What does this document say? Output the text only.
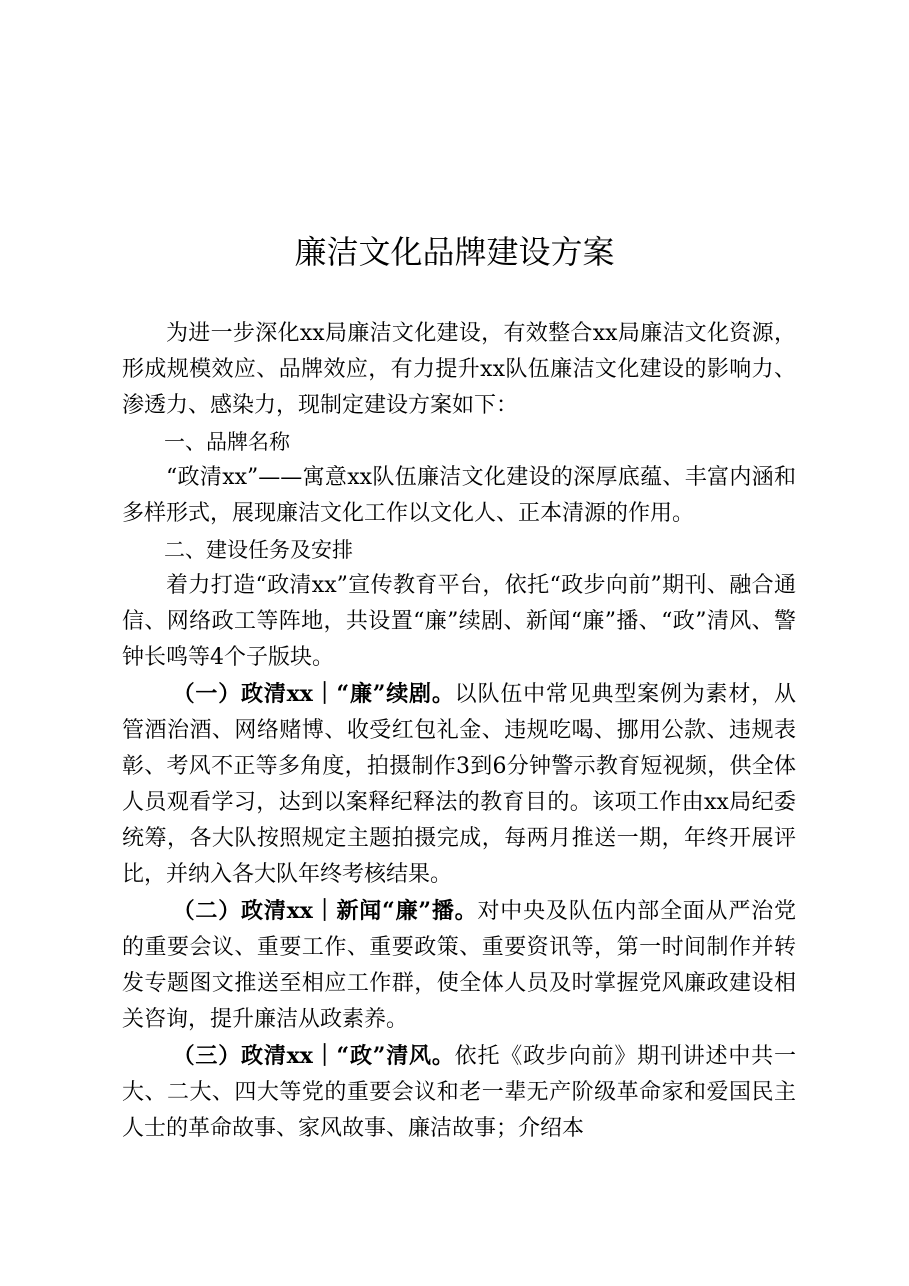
廉洁文化品牌建设方案

为进一步深化xx局廉洁文化建设，有效整合xx局廉洁文化资源，形成规模效应、品牌效应，有力提升xx队伍廉洁文化建设的影响力、渗透力、感染力，现制定建设方案如下：

一、品牌名称

“政清xx”——寓意xx队伍廉洁文化建设的深厚底蕴、丰富内涵和多样形式，展现廉洁文化工作以文化人、正本清源的作用。

二、建设任务及安排

着力打造“政清xx”宣传教育平台，依托“政步向前”期刊、融合通信、网络政工等阵地，共设置“廉”续剧、新闻“廉”播、“政”清风、警钟长鸣等4个子版块。

（一）政清xx｜“廉”续剧。以队伍中常见典型案例为素材，从管酒治酒、网络赌博、收受红包礼金、违规吃喝、挪用公款、违规表彰、考风不正等多角度，拍摄制作3到6分钟警示教育短视频，供全体人员观看学习，达到以案释纪释法的教育目的。该项工作由xx局纪委统筹，各大队按照规定主题拍摄完成，每两月推送一期，年终开展评比，并纳入各大队年终考核结果。

（二）政清xx｜新闻“廉”播。对中央及队伍内部全面从严治党的重要会议、重要工作、重要政策、重要资讯等，第一时间制作并转发专题图文推送至相应工作群，使全体人员及时掌握党风廉政建设相关咨询，提升廉洁从政素养。

（三）政清xx｜“政”清风。依托《政步向前》期刊讲述中共一大、二大、四大等党的重要会议和老一辈无产阶级革命家和爱国民主人士的革命故事、家风故事、廉洁故事；介绍本
